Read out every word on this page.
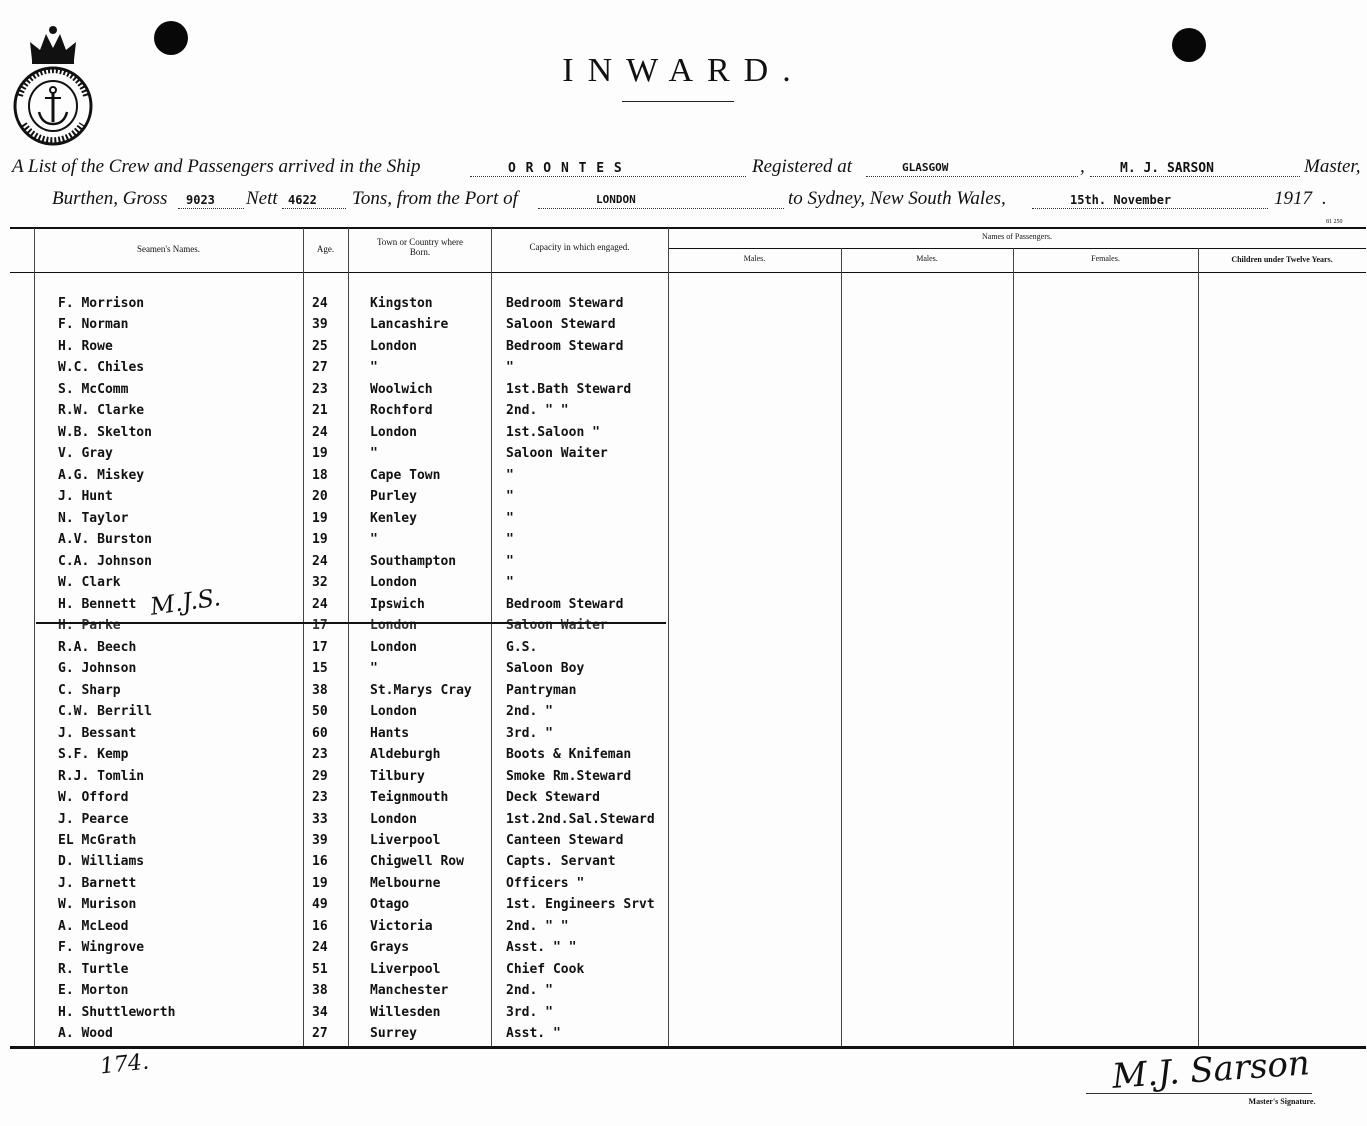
INWARD.
A List of the Crew and Passengers arrived in the Ship	O R O N T E S	Registered at	GLASGOW	,	M. J. SARSON	Master,
Burthen, Gross 9023 Nett 4622 Tons, from the Port of	LONDON	to Sydney, New South Wales,	15th. November	1917 .
81 250
Seamen's Names.	Age.
Town or Country where Born.	Capacity in which engaged.
Names of Passengers.
Males.	Males.	Females.	Children under Twelve Years.
F. Morrison	24	Kingston	Bedroom Steward
F. Norman	39	Lancashire	Saloon Steward
H. Rowe	25	London	Bedroom Steward
W.C. Chiles	27	"	"
S. McComm	23	Woolwich	1st.Bath Steward
R.W. Clarke	21	Rochford	2nd. " "
W.B. Skelton	24	London	1st.Saloon "
V. Gray	19	"	Saloon Waiter
A.G. Miskey	18	Cape Town	"
J. Hunt	20	Purley	"
N. Taylor	19	Kenley	"
A.V. Burston	19	"	"
C.A. Johnson	24	Southampton	"
W. Clark	32	London	"
H. Bennett	24	Ipswich	Bedroom Steward
H. Parke	17	London	Saloon Waiter
R.A. Beech	17	London	G.S.
G. Johnson	15	"	Saloon Boy
C. Sharp	38	St.Marys Cray	Pantryman
C.W. Berrill	50	London	2nd. "
J. Bessant	60	Hants	3rd. "
S.F. Kemp	23	Aldeburgh	Boots & Knifeman
R.J. Tomlin	29	Tilbury	Smoke Rm.Steward
W. Offord	23	Teignmouth	Deck Steward
J. Pearce	33	London	1st.2nd.Sal.Steward
EL McGrath	39	Liverpool	Canteen Steward
D. Williams	16	Chigwell Row	Capts. Servant
J. Barnett	19	Melbourne	Officers "
W. Murison	49	Otago	1st. Engineers Srvt
A. McLeod	16	Victoria	2nd. " "
F. Wingrove	24	Grays	Asst. " "
R. Turtle	51	Liverpool	Chief Cook
E. Morton	38	Manchester	2nd. "
H. Shuttleworth	34	Willesden	3rd. "
A. Wood	27	Surrey	Asst. "
M.J.S.
174.	M.J. Sarson
Master's Signature.
